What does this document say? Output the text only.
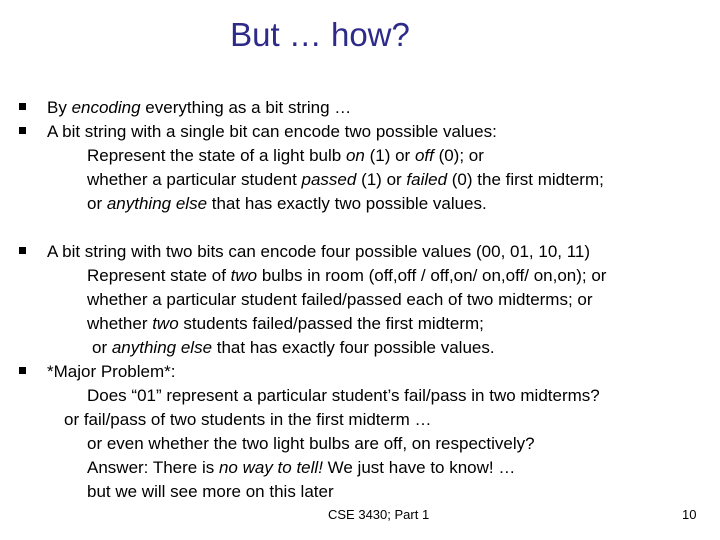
But … how?
By encoding everything as a bit string …
A bit string with a single bit can encode two possible values:
Represent the state of a light bulb on (1) or off (0); or
whether a particular student passed (1) or failed (0) the first midterm;
or anything else that has exactly two possible values.
A bit string with two bits can encode four possible values (00, 01, 10, 11)
Represent state of two bulbs in room (off,off / off,on/ on,off/ on,on); or
whether a particular student failed/passed each of two midterms; or
whether two students failed/passed the first midterm;
or anything else that has exactly four possible values.
*Major Problem*:
Does “01” represent a particular student’s fail/pass in two midterms?
or fail/pass of two students in the first midterm …
or even whether the two light bulbs are off, on respectively?
Answer: There is no way to tell! We just have to know! …
but we will see more on this later
CSE 3430; Part 1	10
